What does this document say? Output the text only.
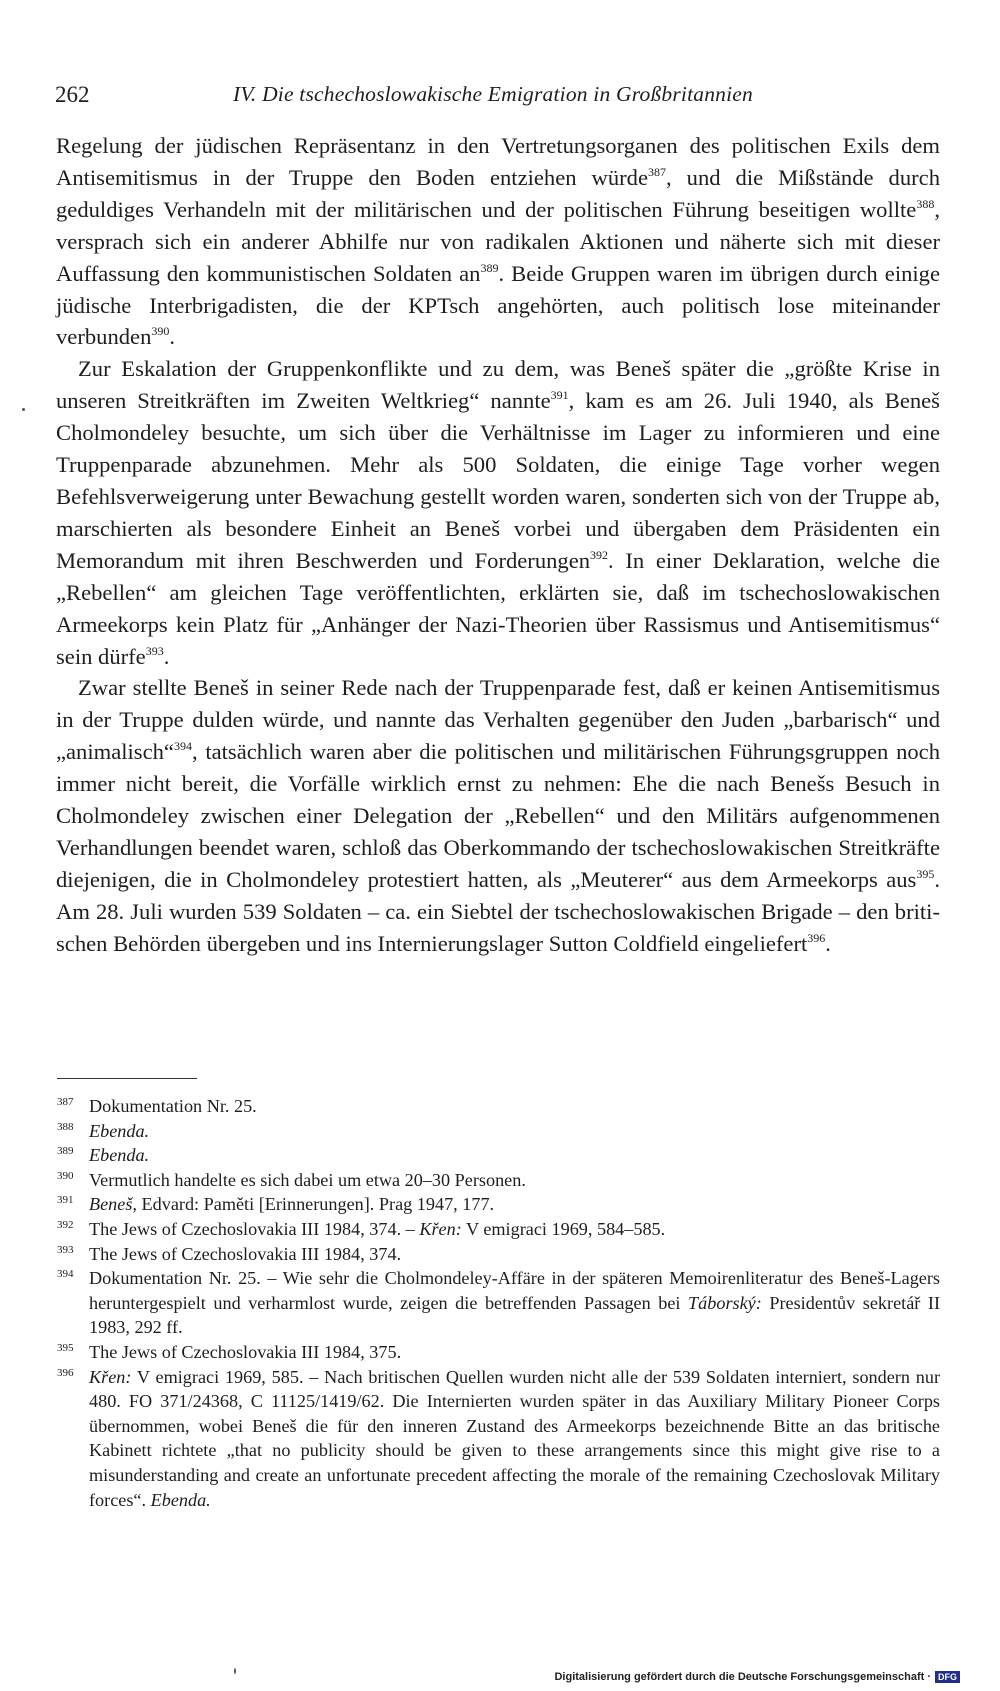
262	IV. Die tschechoslowakische Emigration in Großbritannien

Regelung der jüdischen Repräsentanz in den Vertretungsorganen des politischen Exils dem Antisemitismus in der Truppe den Boden entziehen würde$^{387}$, und die Mißstände durch geduldiges Verhandeln mit der militärischen und der politischen Führung beseitigen wollte$^{388}$, versprach sich ein anderer Abhilfe nur von radikalen Aktionen und näherte sich mit dieser Auffassung den kommunistischen Soldaten $an^{389}$. Beide Gruppen waren im übrigen durch einige jüdische Interbrigadisten, die der KPTsch angehörten, auch politisch lose miteinander verbunden$^{390}$.

Zur Eskalation der Gruppenkonflikte und zu dem, was Beneš später die „größte Krise in unseren Streitkräften im Zweiten Weltkrieg“ nannte$^{391}$, kam es am 26. Juli 1940, als Beneš Cholmondeley besuchte, um sich über die Verhältnisse im Lager zu informieren und eine Truppenparade abzunehmen. Mehr als 500 Soldaten, die einige Tage vorher wegen Befehlsverweigerung unter Bewachung gestellt worden waren, sonderten sich von der Truppe ab, marschierten als besondere Einheit an Beneš vorbei und übergaben dem Präsidenten ein Memorandum mit ihren Beschwerden und Forderungen$^{392}$. In einer Deklaration, welche die „Rebellen“ am gleichen Tage veröffentlichten, erklärten sie, daß im tschechoslowakischen Armeekorps kein Platz für „Anhänger der Nazi-Theorien über Rassismus und Antisemitismus“ sein dürfe$^{393}$.

Zwar stellte Beneš in seiner Rede nach der Truppenparade fest, daß er keinen Antisemitismus in der Truppe dulden würde, und nannte das Verhalten gegenüber den Juden „barbarisch“ und „animalisch“$^{394}$, tatsächlich waren aber die politischen und militärischen Führungsgruppen noch immer nicht bereit, die Vorfälle wirklich ernst zu nehmen: Ehe die nach Benešs Besuch in Cholmondeley zwischen einer Delegation der „Rebellen“ und den Militärs aufgenommenen Verhandlungen beendet waren, schloß das Oberkommando der tschechoslowakischen Streitkräfte diejenigen, die in Cholmondeley protestiert hatten, als „Meuterer“ aus dem Armeekorps aus$^{395}$. Am 28. Juli wurden 539 Soldaten – ca. ein Siebtel der tschechoslowakischen Brigade – den britischen Behörden übergeben und ins Internierungslager Sutton Coldfield eingeliefert$^{396}$.

387 Dokumentation Nr. 25.
388 Ebenda.
389 Ebenda.
390 Vermutlich handelte es sich dabei um etwa 20–30 Personen.
391 Beneš, Edvard: Paměti [Erinnerungen]. Prag 1947, 177.
392 The Jews of Czechoslovakia III 1984, 374. – Křen: V emigraci 1969, 584–585.
393 The Jews of Czechoslovakia III 1984, 374.
394 Dokumentation Nr. 25. – Wie sehr die Cholmondeley-Affäre in der späteren Memoirenliteratur des Beneš-Lagers heruntergespielt und verharmlost wurde, zeigen die betreffenden Passagen bei Táborský: Presidentův sekretář II 1983, 292 ff.
395 The Jews of Czechoslovakia III 1984, 375.
396 Křen: V emigraci 1969, 585. – Nach britischen Quellen wurden nicht alle der 539 Soldaten interniert, sondern nur 480. FO 371/24368, C 11125/1419/62. Die Internierten wurden später in das Auxiliary Military Pioneer Corps übernommen, wobei Beneš die für den inneren Zustand des Armeekorps bezeichnende Bitte an das britische Kabinett richtete „that no publicity should be given to these arrangements since this might give rise to a misunderstanding and create an unfortunate precedent affecting the morale of the remaining Czechoslovak Military forces“. Ebenda.
Digitalisierung gefördert durch die Deutsche Forschungsgemeinschaft · DFG
